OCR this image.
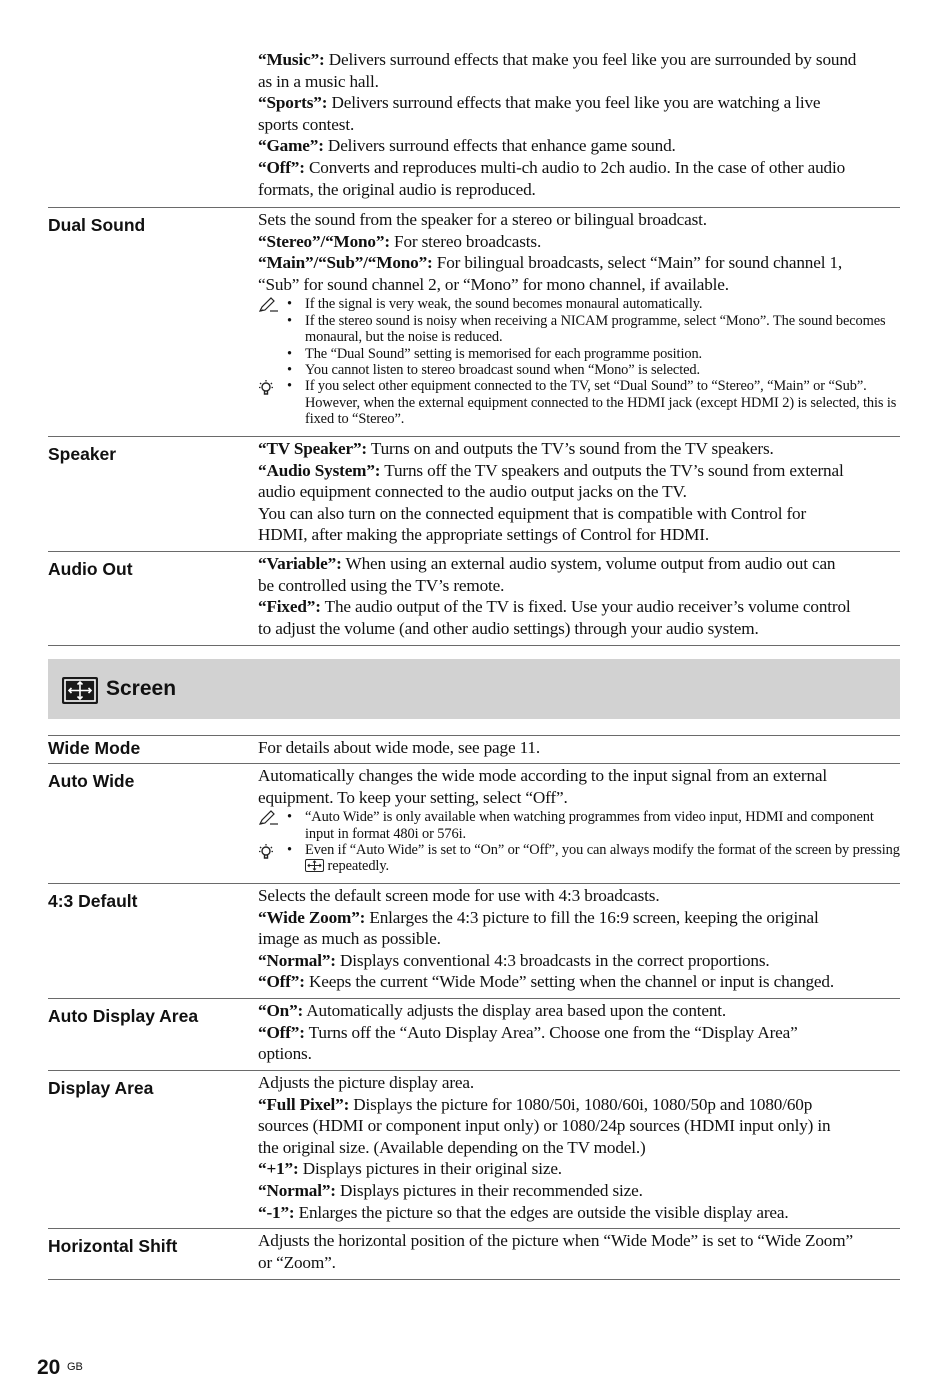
“Music”: Delivers surround effects that make you feel like you are surrounded by sound
as in a music hall.
“Sports”: Delivers surround effects that make you feel like you are watching a live
sports contest.
“Game”: Delivers surround effects that enhance game sound.
“Off”: Converts and reproduces multi-ch audio to 2ch audio. In the case of other audio
formats, the original audio is reproduced.
Dual Sound	Sets the sound from the speaker for a stereo or bilingual broadcast.
“Stereo”/“Mono”: For stereo broadcasts.
“Main”/“Sub”/“Mono”: For bilingual broadcasts, select “Main” for sound channel 1,
“Sub” for sound channel 2, or “Mono” for mono channel, if available.
• If the signal is very weak, the sound becomes monaural automatically.
• If the stereo sound is noisy when receiving a NICAM programme, select “Mono”. The sound becomes monaural, but the noise is reduced.
• The “Dual Sound” setting is memorised for each programme position.
• You cannot listen to stereo broadcast sound when “Mono” is selected.
• If you select other equipment connected to the TV, set “Dual Sound” to “Stereo”, “Main” or “Sub”. However, when the external equipment connected to the HDMI jack (except HDMI 2) is selected, this is fixed to “Stereo”.
Speaker	“TV Speaker”: Turns on and outputs the TV’s sound from the TV speakers.
“Audio System”: Turns off the TV speakers and outputs the TV’s sound from external
audio equipment connected to the audio output jacks on the TV.
You can also turn on the connected equipment that is compatible with Control for
HDMI, after making the appropriate settings of Control for HDMI.
Audio Out	“Variable”: When using an external audio system, volume output from audio out can
be controlled using the TV’s remote.
“Fixed”: The audio output of the TV is fixed. Use your audio receiver’s volume control
to adjust the volume (and other audio settings) through your audio system.
Screen
Wide Mode	For details about wide mode, see page 11.
Auto Wide	Automatically changes the wide mode according to the input signal from an external
equipment. To keep your setting, select “Off”.
• “Auto Wide” is only available when watching programmes from video input, HDMI and component input in format 480i or 576i.
• Even if “Auto Wide” is set to “On” or “Off”, you can always modify the format of the screen by pressing  repeatedly.
4:3 Default	Selects the default screen mode for use with 4:3 broadcasts.
“Wide Zoom”: Enlarges the 4:3 picture to fill the 16:9 screen, keeping the original
image as much as possible.
“Normal”: Displays conventional 4:3 broadcasts in the correct proportions.
“Off”: Keeps the current “Wide Mode” setting when the channel or input is changed.
Auto Display Area	“On”: Automatically adjusts the display area based upon the content.
“Off”: Turns off the “Auto Display Area”. Choose one from the “Display Area”
options.
Display Area	Adjusts the picture display area.
“Full Pixel”: Displays the picture for 1080/50i, 1080/60i, 1080/50p and 1080/60p
sources (HDMI or component input only) or 1080/24p sources (HDMI input only) in
the original size. (Available depending on the TV model.)
“+1”: Displays pictures in their original size.
“Normal”: Displays pictures in their recommended size.
“-1”: Enlarges the picture so that the edges are outside the visible display area.
Horizontal Shift	Adjusts the horizontal position of the picture when “Wide Mode” is set to “Wide Zoom”
or “Zoom”.
20 GB
